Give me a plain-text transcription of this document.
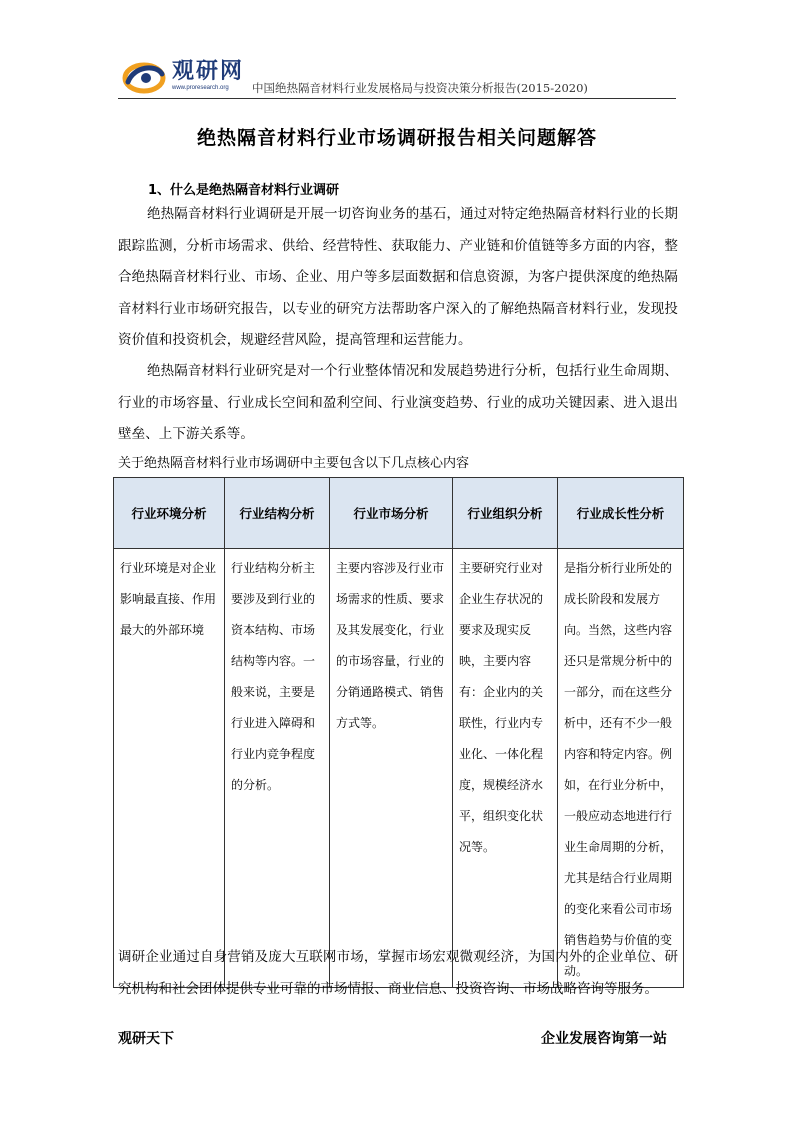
观研网
www.proresearch.org 中国绝热隔音材料行业发展格局与投资决策分析报告(2015-2020)
绝热隔音材料行业市场调研报告相关问题解答
1、什么是绝热隔音材料行业调研

绝热隔音材料行业调研是开展一切咨询业务的基石，通过对特定绝热隔音材料行业的长期跟踪监测，分析市场需求、供给、经营特性、获取能力、产业链和价值链等多方面的内容，整合绝热隔音材料行业、市场、企业、用户等多层面数据和信息资源，为客户提供深度的绝热隔音材料行业市场研究报告，以专业的研究方法帮助客户深入的了解绝热隔音材料行业，发现投资价值和投资机会，规避经营风险，提高管理和运营能力。

绝热隔音材料行业研究是对一个行业整体情况和发展趋势进行分析，包括行业生命周期、行业的市场容量、行业成长空间和盈利空间、行业演变趋势、行业的成功关键因素、进入退出壁垒、上下游关系等。

关于绝热隔音材料行业市场调研中主要包含以下几点核心内容
行业环境分析	行业结构分析	行业市场分析	行业组织分析	行业成长性分析
行业环境是对企业影响最直接、作用最大的外部环境	行业结构分析主要涉及到行业的资本结构、市场结构等内容。一般来说，主要是行业进入障碍和行业内竞争程度的分析。	主要内容涉及行业市场需求的性质、要求及其发展变化，行业的市场容量，行业的分销通路模式、销售方式等。	主要研究行业对企业生存状况的要求及现实反映，主要内容有：企业内的关联性，行业内专业化、一体化程度，规模经济水平，组织变化状况等。	是指分析行业所处的成长阶段和发展方向。当然，这些内容还只是常规分析中的一部分，而在这些分析中，还有不少一般内容和特定内容。例如，在行业分析中，一般应动态地进行行业生命周期的分析，尤其是结合行业周期的变化来看公司市场销售趋势与价值的变动。

调研企业通过自身营销及庞大互联网市场，掌握市场宏观微观经济，为国内外的企业单位、研究机构和社会团体提供专业可靠的市场情报、商业信息、投资咨询、市场战略咨询等服务。

观研天下	企业发展咨询第一站
